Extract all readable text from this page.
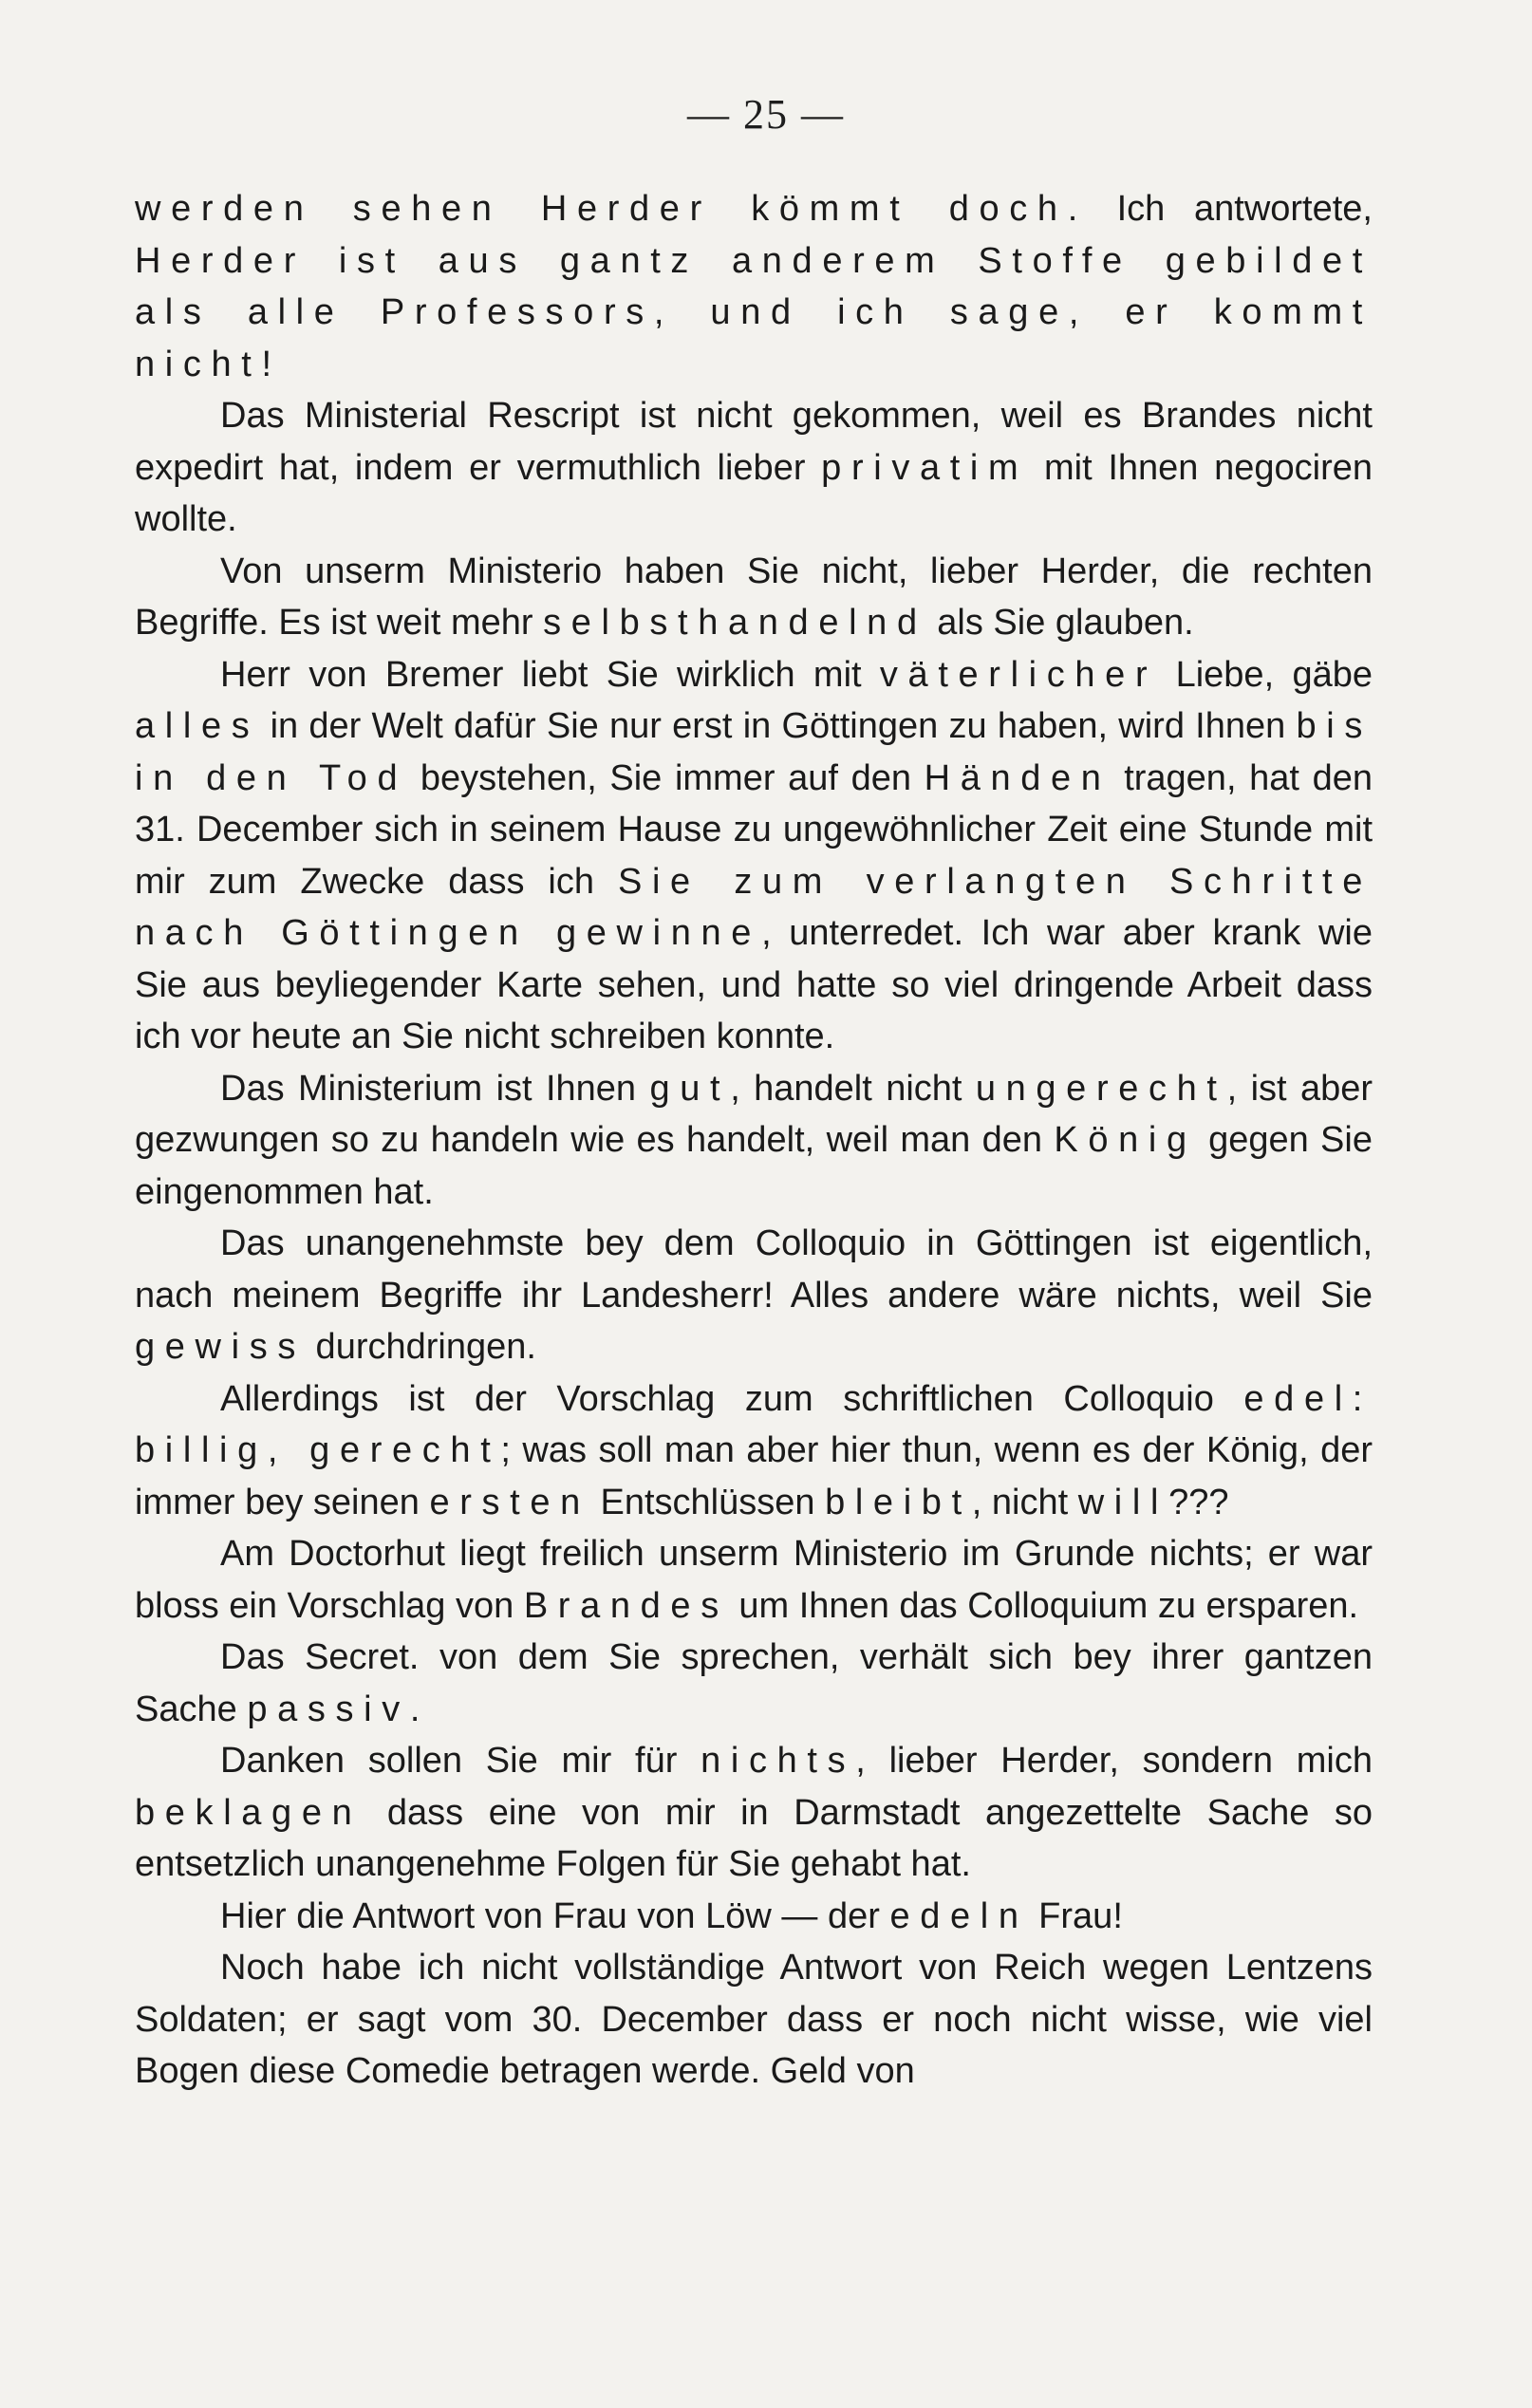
— 25 —

werden sehen Herder kömmt doch. Ich antwortete, Herder ist aus gantz anderem Stoffe gebildet als alle Professors, und ich sage, er kommt nicht!

Das Ministerial Rescript ist nicht gekommen, weil es Brandes nicht expedirt hat, indem er vermuthlich lieber privatim mit Ihnen negociren wollte.

Von unserm Ministerio haben Sie nicht, lieber Herder, die rechten Begriffe. Es ist weit mehr selbsthandelnd als Sie glauben.

Herr von Bremer liebt Sie wirklich mit väterlicher Liebe, gäbe alles in der Welt dafür Sie nur erst in Göttingen zu haben, wird Ihnen bis in den Tod beystehen, Sie immer auf den Händen tragen, hat den 31. December sich in seinem Hause zu ungewöhnlicher Zeit eine Stunde mit mir zum Zwecke dass ich Sie zum verlangten Schritte nach Göttingen gewinne, unterredet. Ich war aber krank wie Sie aus beyliegender Karte sehen, und hatte so viel dringende Arbeit dass ich vor heute an Sie nicht schreiben konnte.

Das Ministerium ist Ihnen gut, handelt nicht ungerecht, ist aber gezwungen so zu handeln wie es handelt, weil man den König gegen Sie eingenommen hat.

Das unangenehmste bey dem Colloquio in Göttingen ist eigentlich, nach meinem Begriffe ihr Landesherr! Alles andere wäre nichts, weil Sie gewiss durchdringen.

Allerdings ist der Vorschlag zum schriftlichen Colloquio edel: billig, gerecht; was soll man aber hier thun, wenn es der König, der immer bey seinen ersten Entschlüssen bleibt, nicht will???

Am Doctorhut liegt freilich unserm Ministerio im Grunde nichts; er war bloss ein Vorschlag von Brandes um Ihnen das Colloquium zu ersparen.

Das Secret. von dem Sie sprechen, verhält sich bey ihrer gantzen Sache passiv.

Danken sollen Sie mir für nichts, lieber Herder, sondern mich beklagen dass eine von mir in Darmstadt angezettelte Sache so entsetzlich unangenehme Folgen für Sie gehabt hat.

Hier die Antwort von Frau von Löw — der edeln Frau!

Noch habe ich nicht vollständige Antwort von Reich wegen Lentzens Soldaten; er sagt vom 30. December dass er noch nicht wisse, wie viel Bogen diese Comedie betragen werde. Geld von
